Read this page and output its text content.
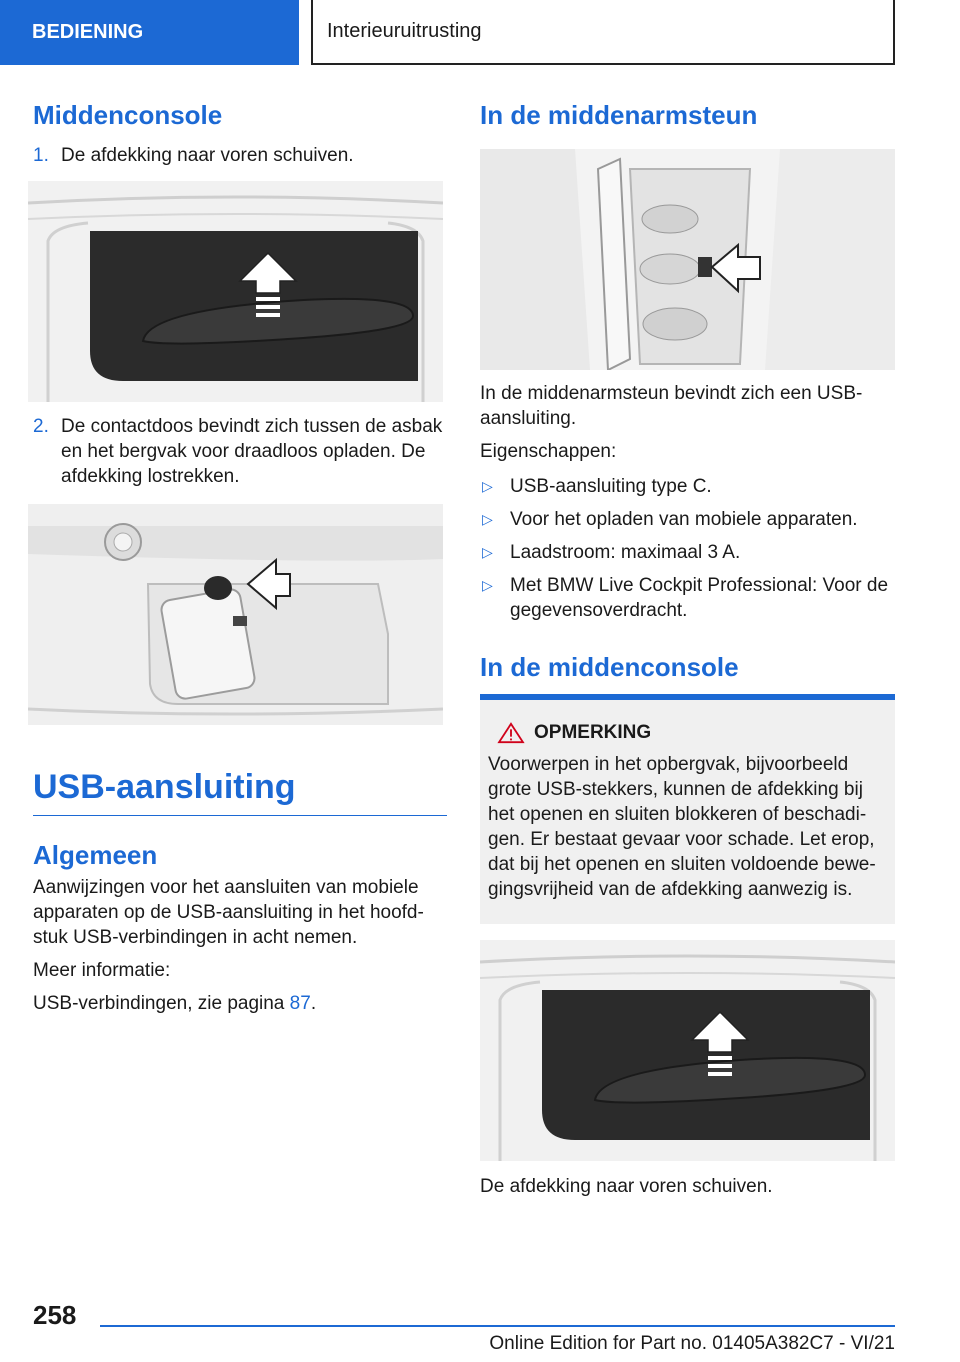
BEDIENING	Interieuruitrusting
Middenconsole
1. De afdekking naar voren schuiven.
2. De contactdoos bevindt zich tussen de asbak en het bergvak voor draadloos opladen. De afdekking lostrekken.
USB-aansluiting
Algemeen

Aanwijzingen voor het aansluiten van mobiele apparaten op de USB-aansluiting in het hoofd-stuk USB-verbindingen in acht nemen.

Meer informatie:

USB-verbindingen, zie pagina 87.

In de middenarmsteun

In de middenarmsteun bevindt zich een USB-aansluiting.

Eigenschappen:

▷ USB-aansluiting type C.
▷ Voor het opladen van mobiele apparaten.
▷ Laadstroom: maximaal 3 A.
▷ Met BMW Live Cockpit Professional: Voor de gegevensoverdracht.
In de middenconsole
OPMERKING

Voorwerpen in het opbergvak, bijvoorbeeld grote USB-stekkers, kunnen de afdekking bij het openen en sluiten blokkeren of beschadi-gen. Er bestaat gevaar voor schade. Let erop, dat bij het openen en sluiten voldoende bewe-gingsvrijheid van de afdekking aanwezig is.

De afdekking naar voren schuiven.

258
Online Edition for Part no. 01405A382C7 - VI/21
